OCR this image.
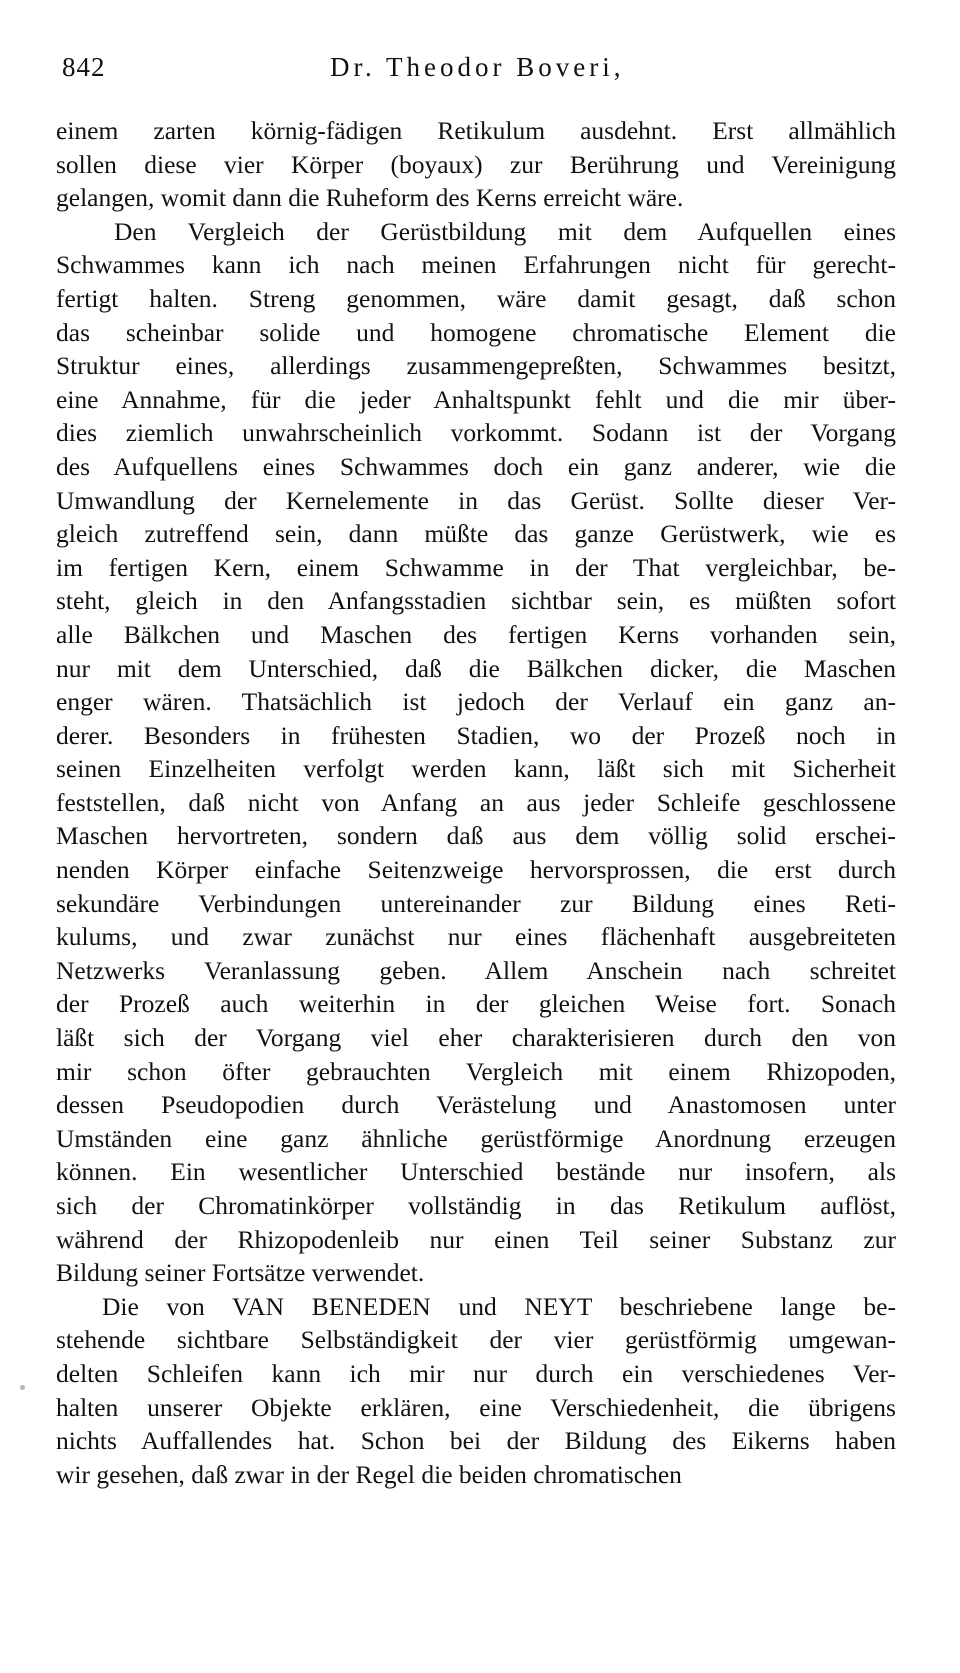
842	Dr. Theodor Boveri,
einem zarten körnig-fädigen Retikulum ausdehnt. Erst allmählich
sollen diese vier Körper (boyaux) zur Berührung und Vereinigung
gelangen, womit dann die Ruheform des Kerns erreicht wäre.
Den Vergleich der Gerüstbildung mit dem Aufquellen eines
Schwammes kann ich nach meinen Erfahrungen nicht für gerecht-
fertigt halten. Streng genommen, wäre damit gesagt, daß schon
das scheinbar solide und homogene chromatische Element die
Struktur eines, allerdings zusammengepreßten, Schwammes besitzt,
eine Annahme, für die jeder Anhaltspunkt fehlt und die mir über-
dies ziemlich unwahrscheinlich vorkommt. Sodann ist der Vorgang
des Aufquellens eines Schwammes doch ein ganz anderer, wie die
Umwandlung der Kernelemente in das Gerüst. Sollte dieser Ver-
gleich zutreffend sein, dann müßte das ganze Gerüstwerk, wie es
im fertigen Kern, einem Schwamme in der That vergleichbar, be-
steht, gleich in den Anfangsstadien sichtbar sein, es müßten sofort
alle Bälkchen und Maschen des fertigen Kerns vorhanden sein,
nur mit dem Unterschied, daß die Bälkchen dicker, die Maschen
enger wären. Thatsächlich ist jedoch der Verlauf ein ganz an-
derer. Besonders in frühesten Stadien, wo der Prozeß noch in
seinen Einzelheiten verfolgt werden kann, läßt sich mit Sicherheit
feststellen, daß nicht von Anfang an aus jeder Schleife geschlossene
Maschen hervortreten, sondern daß aus dem völlig solid erschei-
nenden Körper einfache Seitenzweige hervorsprossen, die erst durch
sekundäre Verbindungen untereinander zur Bildung eines Reti-
kulums, und zwar zunächst nur eines flächenhaft ausgebreiteten
Netzwerks Veranlassung geben. Allem Anschein nach schreitet
der Prozeß auch weiterhin in der gleichen Weise fort. Sonach
läßt sich der Vorgang viel eher charakterisieren durch den von
mir schon öfter gebrauchten Vergleich mit einem Rhizopoden,
dessen Pseudopodien durch Verästelung und Anastomosen unter
Umständen eine ganz ähnliche gerüstförmige Anordnung erzeugen
können. Ein wesentlicher Unterschied bestände nur insofern, als
sich der Chromatinkörper vollständig in das Retikulum auflöst,
während der Rhizopodenleib nur einen Teil seiner Substanz zur
Bildung seiner Fortsätze verwendet.
Die von VAN BENEDEN und NEYT beschriebene lange be-
stehende sichtbare Selbständigkeit der vier gerüstförmig umgewan-
delten Schleifen kann ich mir nur durch ein verschiedenes Ver-
halten unserer Objekte erklären, eine Verschiedenheit, die übrigens
nichts Auffallendes hat. Schon bei der Bildung des Eikerns haben
wir gesehen, daß zwar in der Regel die beiden chromatischen
